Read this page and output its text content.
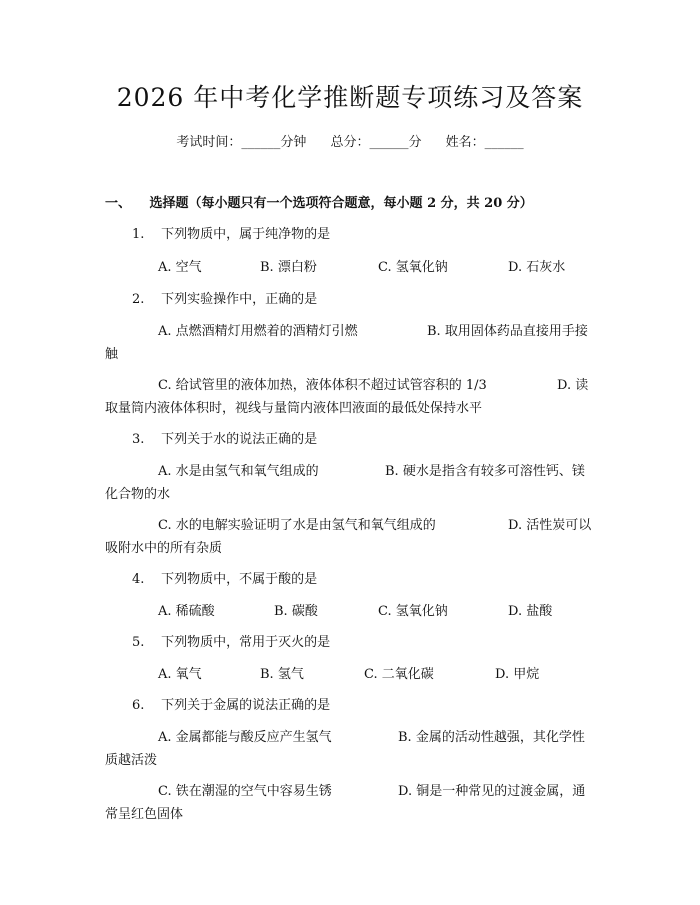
2026 年中考化学推断题专项练习及答案
考试时间：______分钟 总分：______分 姓名：______
一、 选择题（每小题只有一个选项符合题意，每小题 2 分，共 20 分）
1. 下列物质中，属于纯净物的是
A. 空气	B. 漂白粉	C. 氢氧化钠	D. 石灰水
2. 下列实验操作中，正确的是
A. 点燃酒精灯用燃着的酒精灯引燃	B. 取用固体药品直接用手接
触
C. 给试管里的液体加热，液体体积不超过试管容积的 1/3	D. 读
取量筒内液体体积时，视线与量筒内液体凹液面的最低处保持水平
3. 下列关于水的说法正确的是
A. 水是由氢气和氧气组成的	B. 硬水是指含有较多可溶性钙、镁
化合物的水
C. 水的电解实验证明了水是由氢气和氧气组成的	D. 活性炭可以
吸附水中的所有杂质
4. 下列物质中，不属于酸的是
A. 稀硫酸	B. 碳酸	C. 氢氧化钠	D. 盐酸
5. 下列物质中，常用于灭火的是
A. 氧气	B. 氢气	C. 二氧化碳	D. 甲烷
6. 下列关于金属的说法正确的是
A. 金属都能与酸反应产生氢气	B. 金属的活动性越强，其化学性
质越活泼
C. 铁在潮湿的空气中容易生锈	D. 铜是一种常见的过渡金属，通
常呈红色固体
